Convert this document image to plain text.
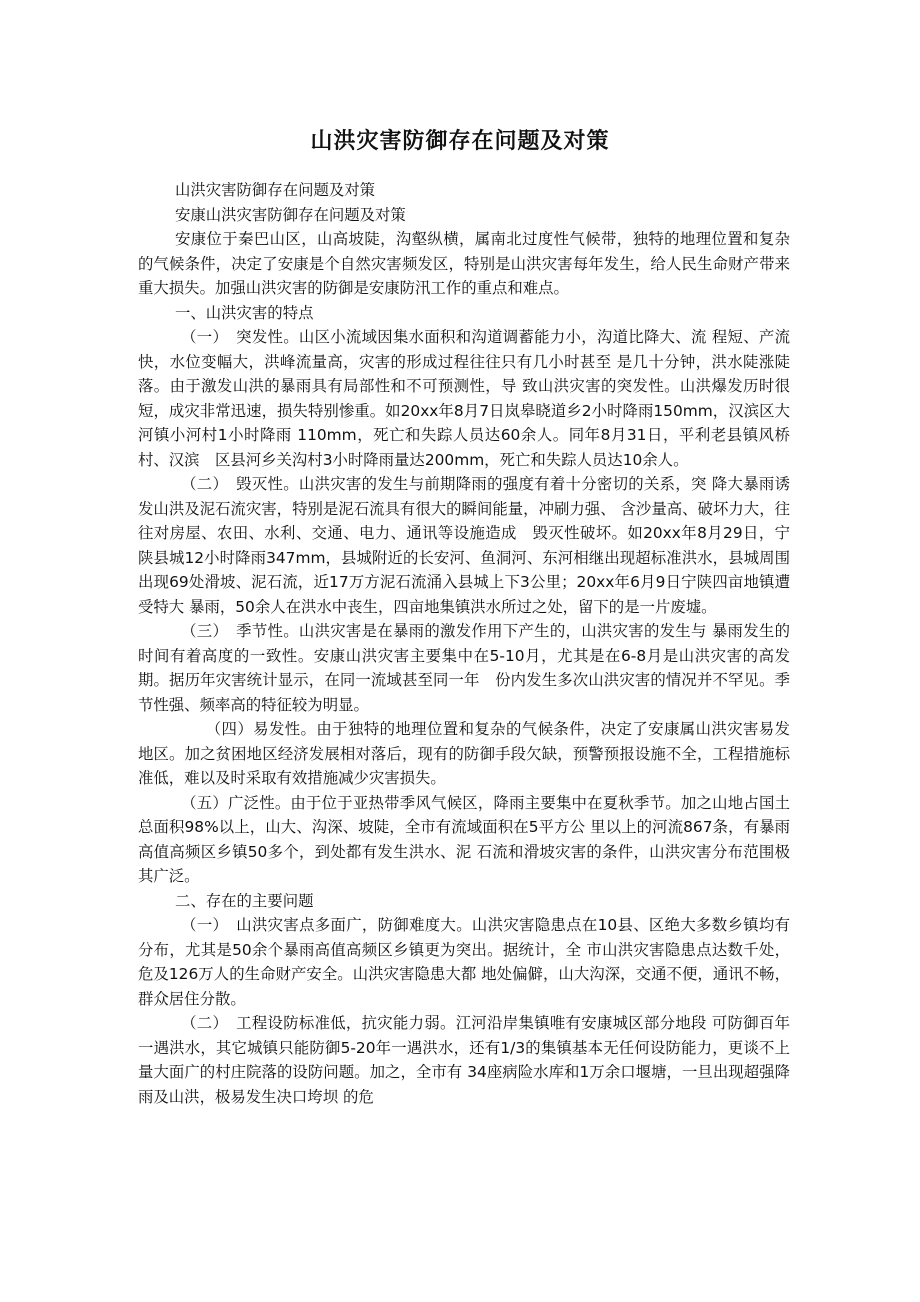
山洪灾害防御存在问题及对策

山洪灾害防御存在问题及对策

安康山洪灾害防御存在问题及对策

安康位于秦巴山区，山高坡陡，沟壑纵横，属南北过度性气候带，独特的地理位置和复杂的气候条件，决定了安康是个自然灾害频发区，特别是山洪灾害每年发生，给人民生命财产带来重大损失。加强山洪灾害的防御是安康防汛工作的重点和难点。

一、山洪灾害的特点

（一）　突发性。山区小流域因集水面积和沟道调蓄能力小，沟道比降大、流 程短、产流快，水位变幅大，洪峰流量高，灾害的形成过程往往只有几小时甚至 是几十分钟，洪水陡涨陡落。由于激发山洪的暴雨具有局部性和不可预测性，导 致山洪灾害的突发性。山洪爆发历时很短，成灾非常迅速，损失特别惨重。如20xx年8月7日岚皋晓道乡2小时降雨150mm，汉滨区大河镇小河村1小时降雨 110mm，死亡和失踪人员达60余人。同年8月31日，平利老县镇风桥村、汉滨　区县河乡关沟村3小时降雨量达200mm，死亡和失踪人员达10余人。

（二）　毁灭性。山洪灾害的发生与前期降雨的强度有着十分密切的关系，突 降大暴雨诱发山洪及泥石流灾害，特别是泥石流具有很大的瞬间能量，冲刷力强、 含沙量高、破坏力大，往往对房屋、农田、水利、交通、电力、通讯等设施造成　毁灭性破坏。如20xx年8月29日，宁陕县城12小时降雨347mm，县城附近的长安河、鱼洞河、东河相继出现超标准洪水，县城周围出现69处滑坡、泥石流，近17万方泥石流涌入县城上下3公里；20xx年6月9日宁陕四亩地镇遭受特大 暴雨，50余人在洪水中丧生，四亩地集镇洪水所过之处，留下的是一片废墟。

（三）　季节性。山洪灾害是在暴雨的激发作用下产生的，山洪灾害的发生与 暴雨发生的时间有着高度的一致性。安康山洪灾害主要集中在5-10月，尤其是在6-8月是山洪灾害的高发期。据历年灾害统计显示，在同一流域甚至同一年　份内发生多次山洪灾害的情况并不罕见。季节性强、频率高的特征较为明显。

（四）易发性。由于独特的地理位置和复杂的气候条件，决定了安康属山洪灾害易发地区。加之贫困地区经济发展相对落后，现有的防御手段欠缺，预警预报设施不全，工程措施标准低，难以及时采取有效措施减少灾害损失。

（五）广泛性。由于位于亚热带季风气候区，降雨主要集中在夏秋季节。加之山地占国土总面积98%以上，山大、沟深、坡陡，全市有流域面积在5平方公 里以上的河流867条，有暴雨高值高频区乡镇50多个，到处都有发生洪水、泥 石流和滑坡灾害的条件，山洪灾害分布范围极其广泛。

二、存在的主要问题

（一）　山洪灾害点多面广，防御难度大。山洪灾害隐患点在10县、区绝大多数乡镇均有分布，尤其是50余个暴雨高值高频区乡镇更为突出。据统计，全 市山洪灾害隐患点达数千处，危及126万人的生命财产安全。山洪灾害隐患大都 地处偏僻，山大沟深，交通不便，通讯不畅，群众居住分散。

（二）　工程设防标准低，抗灾能力弱。江河沿岸集镇唯有安康城区部分地段 可防御百年一遇洪水，其它城镇只能防御5-20年一遇洪水，还有1/3的集镇基本无任何设防能力，更谈不上量大面广的村庄院落的设防问题。加之，全市有 34座病险水库和1万余口堰塘，一旦出现超强降雨及山洪，极易发生决口垮坝 的危
